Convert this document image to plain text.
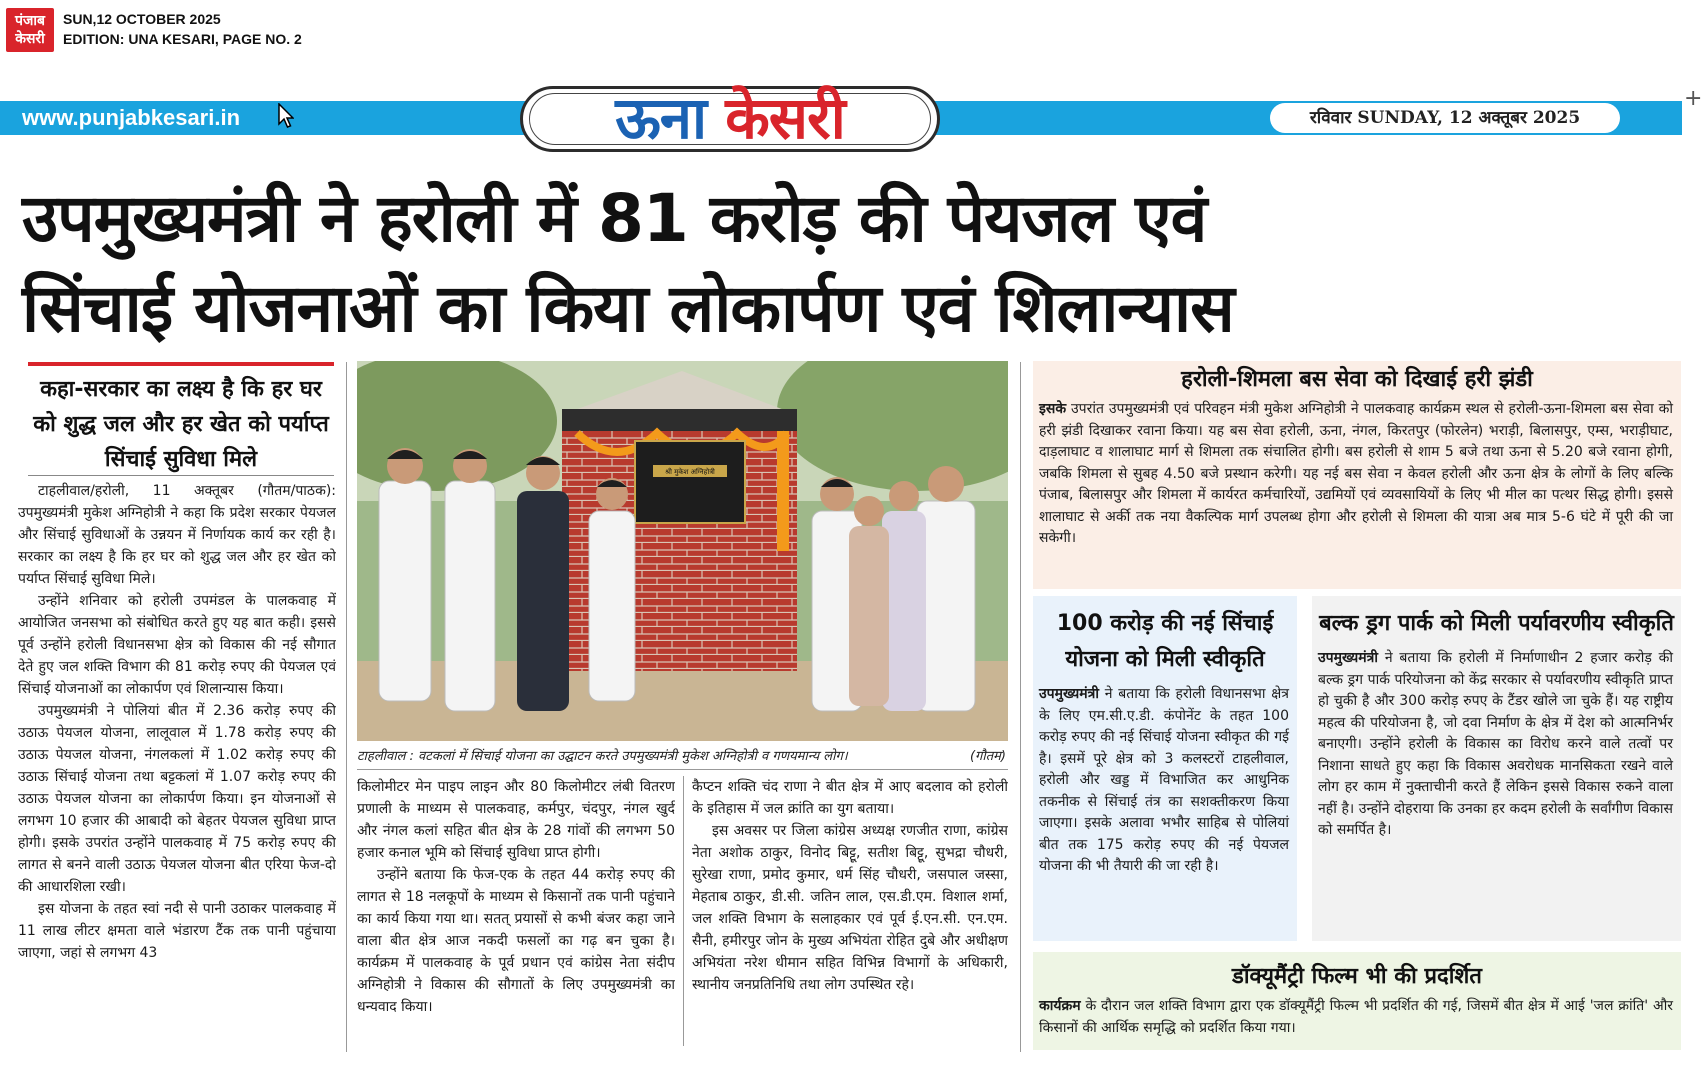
पंजाब
केसरी
SUN,12 OCTOBER 2025
EDITION: UNA KESARI, PAGE NO. 2
www.punjabkesari.in	ऊना केसरी	रविवार SUNDAY, 12 अक्तूबर 2025
+
उपमुख्यमंत्री ने हरोली में 81 करोड़ की पेयजल एवं
सिंचाई योजनाओं का किया लोकार्पण एवं शिलान्यास
कहा-सरकार का लक्ष्य है कि हर घर को शुद्ध जल और हर खेत को पर्याप्त सिंचाई सुविधा मिले

टाहलीवाल/हरोली, 11 अक्तूबर (गौतम/पाठक): उपमुख्यमंत्री मुकेश अग्निहोत्री ने कहा कि प्रदेश सरकार पेयजल और सिंचाई सुविधाओं के उन्नयन में निर्णायक कार्य कर रही है। सरकार का लक्ष्य है कि हर घर को शुद्ध जल और हर खेत को पर्याप्त सिंचाई सुविधा मिले।

उन्होंने शनिवार को हरोली उपमंडल के पालकवाह में आयोजित जनसभा को संबोधित करते हुए यह बात कही। इससे पूर्व उन्होंने हरोली विधानसभा क्षेत्र को विकास की नई सौगात देते हुए जल शक्ति विभाग की 81 करोड़ रुपए की पेयजल एवं सिंचाई योजनाओं का लोकार्पण एवं शिलान्यास किया।

उपमुख्यमंत्री ने पोलियां बीत में 2.36 करोड़ रुपए की उठाऊ पेयजल योजना, लालूवाल में 1.78 करोड़ रुपए की उठाऊ पेयजल योजना, नंगलकलां में 1.02 करोड़ रुपए की उठाऊ सिंचाई योजना तथा बट्टकलां में 1.07 करोड़ रुपए की उठाऊ पेयजल योजना का लोकार्पण किया। इन योजनाओं से लगभग 10 हजार की आबादी को बेहतर पेयजल सुविधा प्राप्त होगी। इसके उपरांत उन्होंने पालकवाह में 75 करोड़ रुपए की लागत से बनने वाली उठाऊ पेयजल योजना बीत एरिया फेज-दो की आधारशिला रखी।

इस योजना के तहत स्वां नदी से पानी उठाकर पालकवाह में 11 लाख लीटर क्षमता वाले भंडारण टैंक तक पानी पहुंचाया जाएगा, जहां से लगभग 43

श्री मुकेश अग्निहोत्री
टाहलीवाल : वटकलां में सिंचाई योजना का उद्घाटन करते उपमुख्यमंत्री मुकेश अग्निहोत्री व गणयमान्य लोग।	(गौतम)

किलोमीटर मेन पाइप लाइन और 80 किलोमीटर लंबी वितरण प्रणाली के माध्यम से पालकवाह, कर्मपुर, चंदपुर, नंगल खुर्द और नंगल कलां सहित बीत क्षेत्र के 28 गांवों की लगभग 50 हजार कनाल भूमि को सिंचाई सुविधा प्राप्त होगी।

उन्होंने बताया कि फेज-एक के तहत 44 करोड़ रुपए की लागत से 18 नलकूपों के माध्यम से किसानों तक पानी पहुंचाने का कार्य किया गया था। सतत् प्रयासों से कभी बंजर कहा जाने वाला बीत क्षेत्र आज नकदी फसलों का गढ़ बन चुका है। कार्यक्रम में पालकवाह के पूर्व प्रधान एवं कांग्रेस नेता संदीप अग्निहोत्री ने विकास की सौगातों के लिए उपमुख्यमंत्री का धन्यवाद किया।

कैप्टन शक्ति चंद राणा ने बीत क्षेत्र में आए बदलाव को हरोली के इतिहास में जल क्रांति का युग बताया।

इस अवसर पर जिला कांग्रेस अध्यक्ष रणजीत राणा, कांग्रेस नेता अशोक ठाकुर, विनोद बिट्टू, सतीश बिट्टू, सुभद्रा चौधरी, सुरेखा राणा, प्रमोद कुमार, धर्म सिंह चौधरी, जसपाल जस्सा, मेहताब ठाकुर, डी.सी. जतिन लाल, एस.डी.एम. विशाल शर्मा, जल शक्ति विभाग के सलाहकार एवं पूर्व ई.एन.सी. एन.एम. सैनी, हमीरपुर जोन के मुख्य अभियंता रोहित दुबे और अधीक्षण अभियंता नरेश धीमान सहित विभिन्न विभागों के अधिकारी, स्थानीय जनप्रतिनिधि तथा लोग उपस्थित रहे।

हरोली-शिमला बस सेवा को दिखाई हरी झंडी
इसके उपरांत उपमुख्यमंत्री एवं परिवहन मंत्री मुकेश अग्निहोत्री ने पालकवाह कार्यक्रम स्थल से हरोली-ऊना-शिमला बस सेवा को हरी झंडी दिखाकर रवाना किया। यह बस सेवा हरोली, ऊना, नंगल, किरतपुर (फोरलेन) भराड़ी, बिलासपुर, एम्स, भराड़ीघाट, दाड़लाघाट व शालाघाट मार्ग से शिमला तक संचालित होगी। बस हरोली से शाम 5 बजे तथा ऊना से 5.20 बजे रवाना होगी, जबकि शिमला से सुबह 4.50 बजे प्रस्थान करेगी। यह नई बस सेवा न केवल हरोली और ऊना क्षेत्र के लोगों के लिए बल्कि पंजाब, बिलासपुर और शिमला में कार्यरत कर्मचारियों, उद्यमियों एवं व्यवसायियों के लिए भी मील का पत्थर सिद्ध होगी। इससे शालाघाट से अर्की तक नया वैकल्पिक मार्ग उपलब्ध होगा और हरोली से शिमला की यात्रा अब मात्र 5-6 घंटे में पूरी की जा सकेगी।
100 करोड़ की नई सिंचाई योजना को मिली स्वीकृति
उपमुख्यमंत्री ने बताया कि हरोली विधानसभा क्षेत्र के लिए एम.सी.ए.डी. कंपोनेंट के तहत 100 करोड़ रुपए की नई सिंचाई योजना स्वीकृत की गई है। इसमें पूरे क्षेत्र को 3 कलस्टरों टाहलीवाल, हरोली और खड्ड में विभाजित कर आधुनिक तकनीक से सिंचाई तंत्र का सशक्तीकरण किया जाएगा। इसके अलावा भभौर साहिब से पोलियां बीत तक 175 करोड़ रुपए की नई पेयजल योजना की भी तैयारी की जा रही है।
बल्क ड्रग पार्क को मिली पर्यावरणीय स्वीकृति
उपमुख्यमंत्री ने बताया कि हरोली में निर्माणाधीन 2 हजार करोड़ की बल्क ड्रग पार्क परियोजना को केंद्र सरकार से पर्यावरणीय स्वीकृति प्राप्त हो चुकी है और 300 करोड़ रुपए के टैंडर खोले जा चुके हैं। यह राष्ट्रीय महत्व की परियोजना है, जो दवा निर्माण के क्षेत्र में देश को आत्मनिर्भर बनाएगी। उन्होंने हरोली के विकास का विरोध करने वाले तत्वों पर निशाना साधते हुए कहा कि विकास अवरोधक मानसिकता रखने वाले लोग हर काम में नुक्ताचीनी करते हैं लेकिन इससे विकास रुकने वाला नहीं है। उन्होंने दोहराया कि उनका हर कदम हरोली के सर्वांगीण विकास को समर्पित है।
डॉक्यूमैंट्री फिल्म भी की प्रदर्शित
कार्यक्रम के दौरान जल शक्ति विभाग द्वारा एक डॉक्यूमैंट्री फिल्म भी प्रदर्शित की गई, जिसमें बीत क्षेत्र में आई 'जल क्रांति' और किसानों की आर्थिक समृद्धि को प्रदर्शित किया गया।
